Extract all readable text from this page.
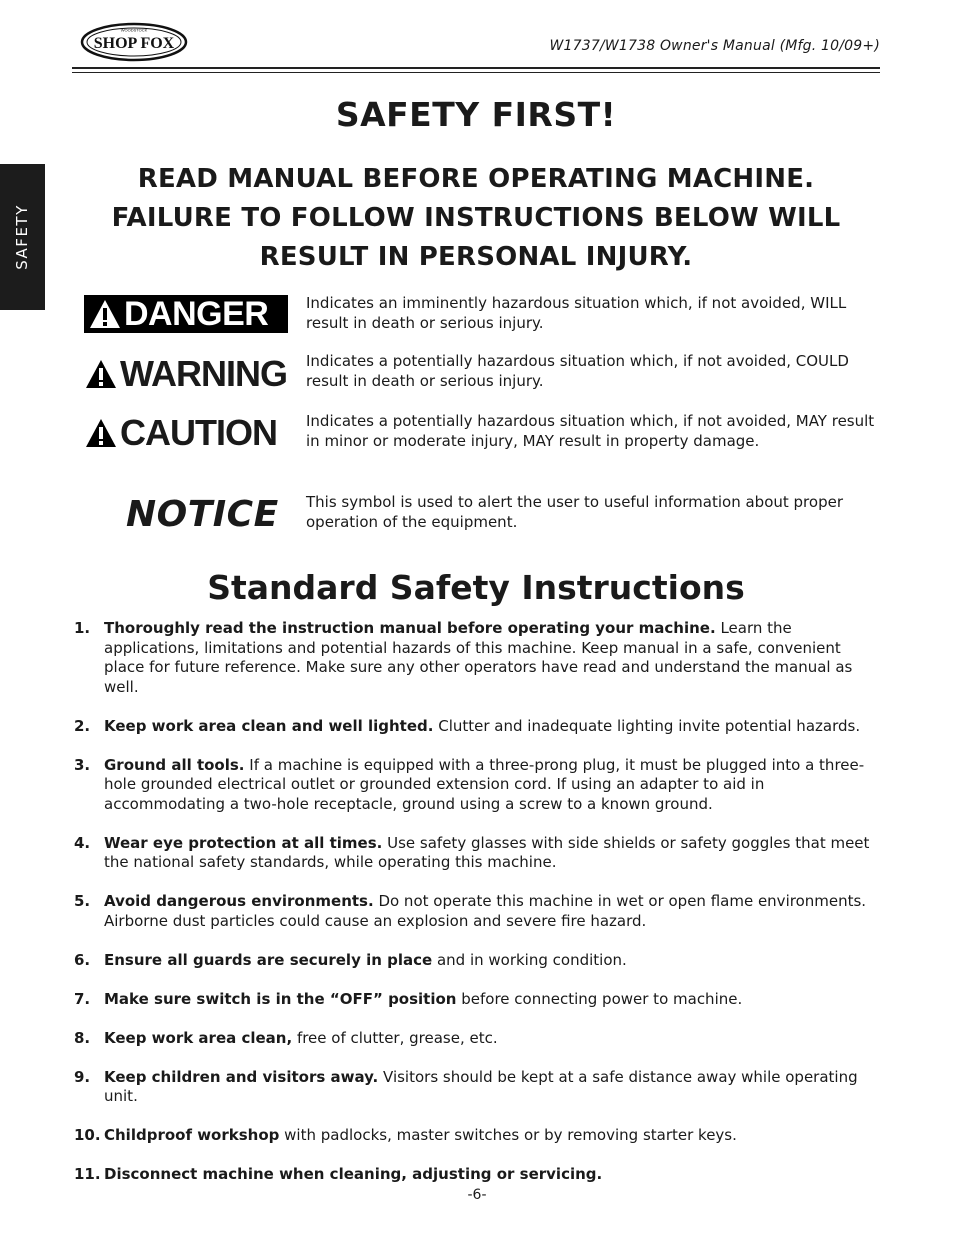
SHOP FOX
WOODSTOCK
W1737/W1738 Owner's Manual (Mfg. 10/09+)
SAFETY
SAFETY FIRST!
READ MANUAL BEFORE OPERATING MACHINE.
FAILURE TO FOLLOW INSTRUCTIONS BELOW WILL
RESULT IN PERSONAL INJURY.
DANGER	Indicates an imminently hazardous situation which, if not avoided, WILL result in death or serious injury.
WARNING Indicates a potentially hazardous situation which, if not avoided, COULD result in death or serious injury.
CAUTION Indicates a potentially hazardous situation which, if not avoided, MAY result in minor or moderate injury, MAY result in property damage.
NOTICE This symbol is used to alert the user to useful information about proper operation of the equipment.
Standard Safety Instructions
1. Thoroughly read the instruction manual before operating your machine. Learn the applications, limitations and potential hazards of this machine. Keep manual in a safe, convenient place for future reference. Make sure any other operators have read and understand the manual as well.
2. Keep work area clean and well lighted. Clutter and inadequate lighting invite potential hazards.
3. Ground all tools. If a machine is equipped with a three-prong plug, it must be plugged into a three-hole grounded electrical outlet or grounded extension cord. If using an adapter to aid in accommodating a two-hole receptacle, ground using a screw to a known ground.
4. Wear eye protection at all times. Use safety glasses with side shields or safety goggles that meet the national safety standards, while operating this machine.
5. Avoid dangerous environments. Do not operate this machine in wet or open flame environments. Airborne dust particles could cause an explosion and severe fire hazard.
6. Ensure all guards are securely in place and in working condition.
7. Make sure switch is in the “OFF” position before connecting power to machine.
8. Keep work area clean, free of clutter, grease, etc.
9. Keep children and visitors away. Visitors should be kept at a safe distance away while operating unit.
10. Childproof workshop with padlocks, master switches or by removing starter keys.
11. Disconnect machine when cleaning, adjusting or servicing.
-6-
